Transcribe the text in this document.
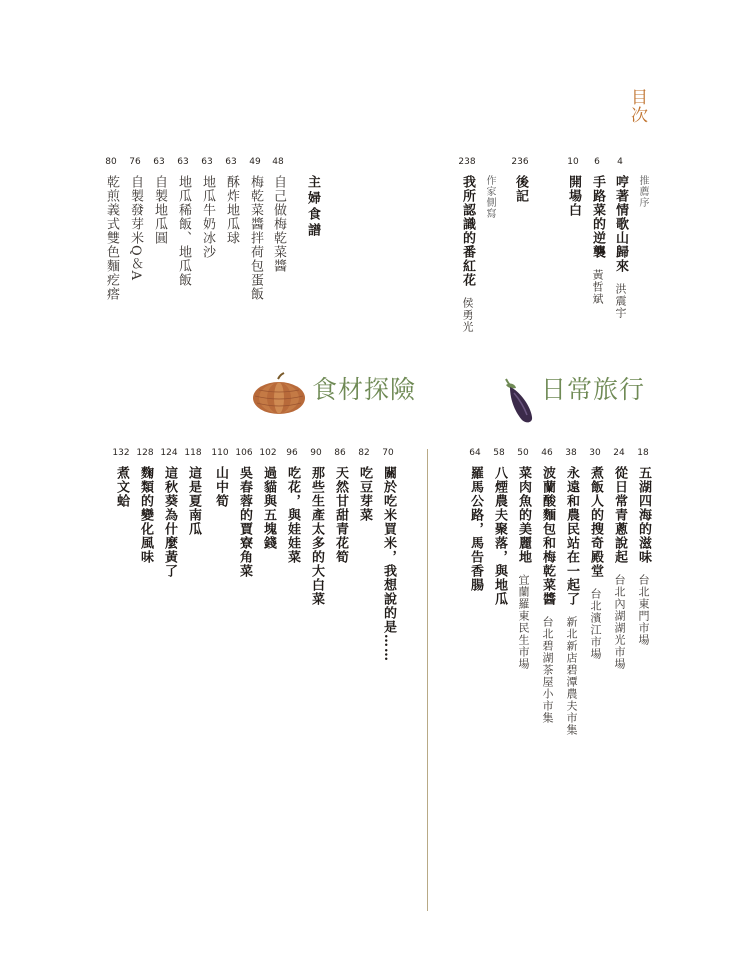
目次
4
推薦序
哼著情歌山歸來洪震宇
6
手路菜的逆襲黃哲斌
10
開場白
236
後記
238
作家側寫
我所認識的番紅花侯勇光
主婦食譜
48
自己做梅乾菜醬
49
梅乾菜醬拌荷包蛋飯
63
酥炸地瓜球
63
地瓜牛奶冰沙
63
地瓜稀飯、地瓜飯
63
自製地瓜圓
76
自製發芽米Q＆A
80
乾煎義式雙色麵疙瘩
食材探險	日常旅行
18
五湖四海的滋味台北東門市場
24
從日常青蔥說起台北內湖湖光市場
30
煮飯人的搜奇殿堂台北濱江市場
38
永遠和農民站在一起了新北新店碧潭農夫市集
46
波蘭酸麵包和梅乾菜醬台北碧湖茶屋小市集
50
菜肉魚的美麗地宜蘭羅東民生市場
58
八煙農夫聚落，與地瓜
64
羅馬公路，馬告香腸
70
關於吃米買米，我想說的是……
82
吃豆芽菜
86
天然甘甜青花筍
90
那些生產太多的大白菜
96
吃花，與娃娃菜
102
過貓與五塊錢
106
吳春蓉的賈寮角菜
110
山中筍
118
這是夏南瓜
124
這秋葵為什麼黃了
128
麴類的變化風味
132
煮文蛤
